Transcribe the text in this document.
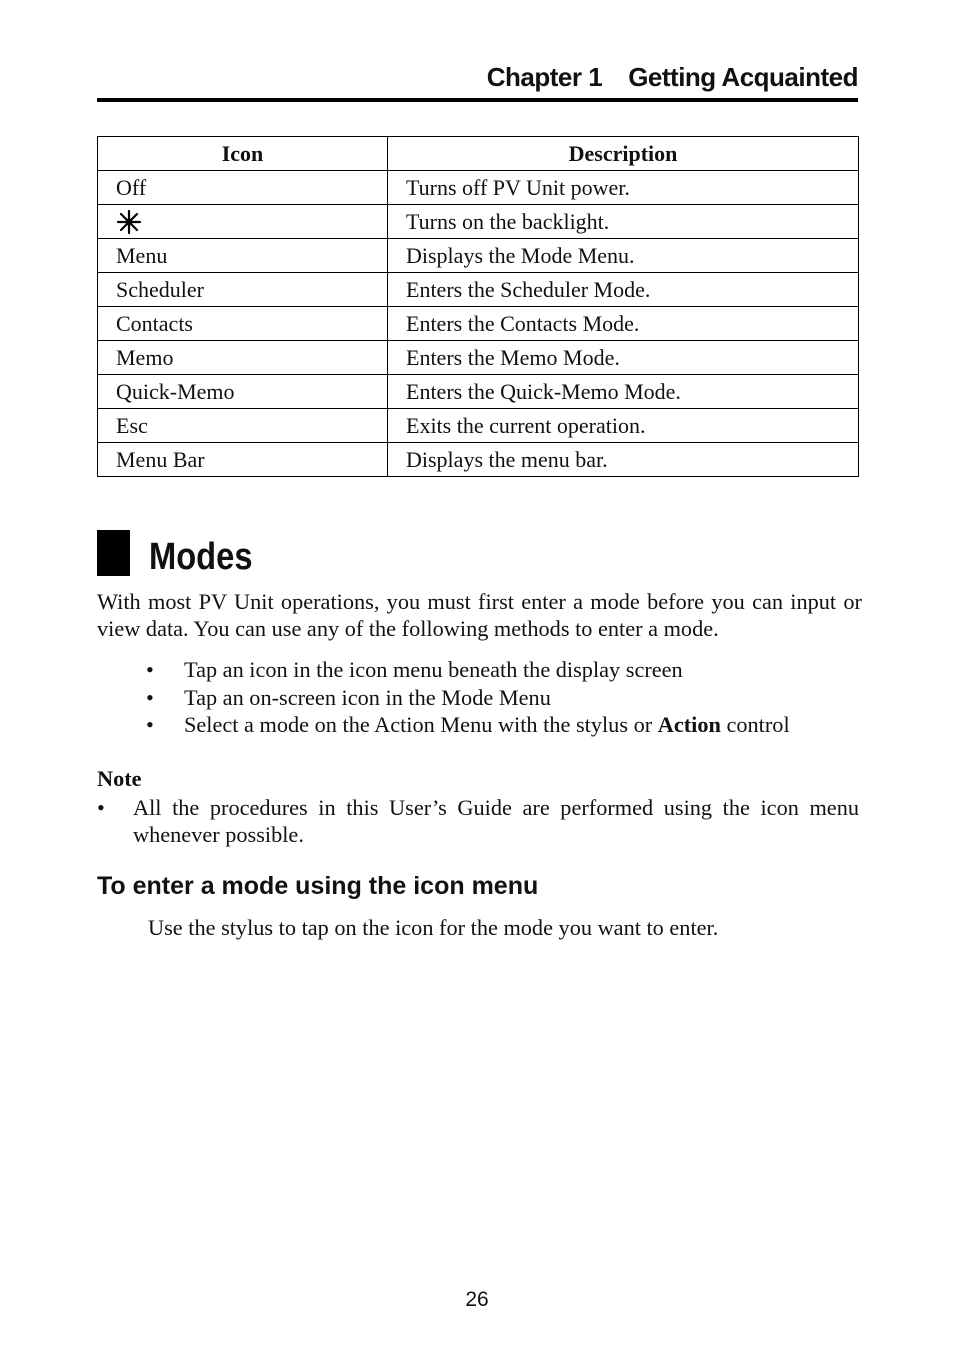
Chapter 1 Getting Acquainted
Icon	Description
Off	Turns off PV Unit power.
	Turns on the backlight.
Menu	Displays the Mode Menu.
Scheduler	Enters the Scheduler Mode.
Contacts	Enters the Contacts Mode.
Memo	Enters the Memo Mode.
Quick-Memo	Enters the Quick-Memo Mode.
Esc	Exits the current operation.
Menu Bar	Displays the menu bar.
Modes

With most PV Unit operations, you must first enter a mode before you can input or view data. You can use any of the following methods to enter a mode.

• Tap an icon in the icon menu beneath the display screen
• Tap an on-screen icon in the Mode Menu
• Select a mode on the Action Menu with the stylus or Action control
Note
• All the procedures in this User’s Guide are performed using the icon menu whenever possible.
To enter a mode using the icon menu
Use the stylus to tap on the icon for the mode you want to enter.
26
